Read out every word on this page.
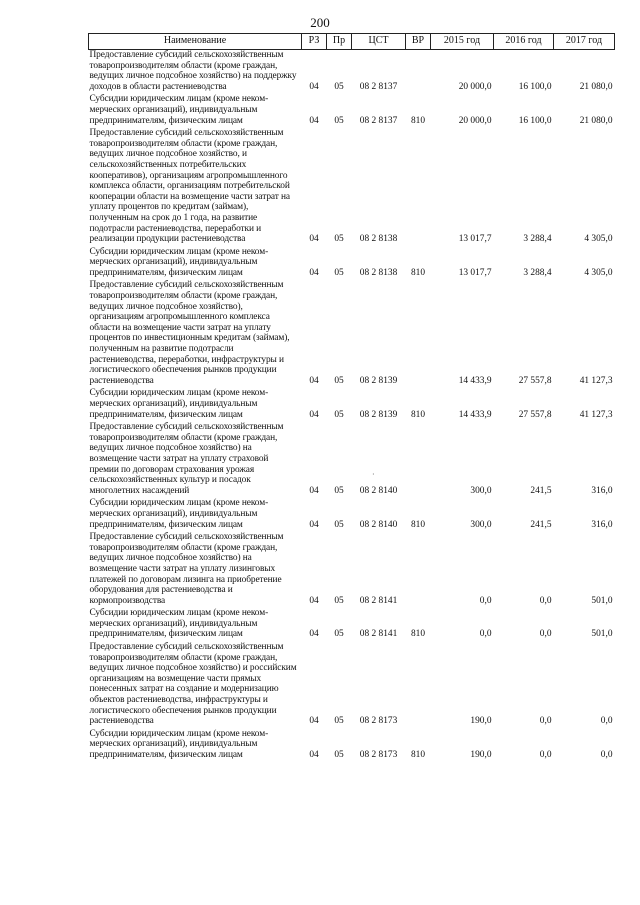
200
Наименование	РЗ	Пр	ЦСТ	ВР	2015 год	2016 год	2017 год
Предоставление субсидий сельскохозяйственным товаропроизводителям области (кроме граждан, ведущих личное подсобное хозяйство) на поддержку доходов в области растениеводства	04	05	08 2 8137		20 000,0	16 100,0	21 080,0
Субсидии юридическим лицам (кроме некоммерческих организаций), индивидуальным предпринимателям, физическим лицам	04	05	08 2 8137	810	20 000,0	16 100,0	21 080,0
Предоставление субсидий сельскохозяйственным товаропроизводителям области (кроме граждан, ведущих личное подсобное хозяйство, и сельскохозяйственных потребительских кооперативов), организациям агропромышленного комплекса области, организациям потребительской кооперации области на возмещение части затрат на уплату процентов по кредитам (займам), полученным на срок до 1 года, на развитие подотрасли растениеводства, переработки и реализации продукции растениеводства	04	05	08 2 8138		13 017,7	3 288,4	4 305,0
Субсидии юридическим лицам (кроме некоммерческих организаций), индивидуальным предпринимателям, физическим лицам	04	05	08 2 8138	810	13 017,7	3 288,4	4 305,0
Предоставление субсидий сельскохозяйственным товаропроизводителям области (кроме граждан, ведущих личное подсобное хозяйство), организациям агропромышленного комплекса области на возмещение части затрат на уплату процентов по инвестиционным кредитам (займам), полученным на развитие подотрасли растениеводства, переработки, инфраструктуры и логистического обеспечения рынков продукции растениеводства	04	05	08 2 8139		14 433,9	27 557,8	41 127,3
Субсидии юридическим лицам (кроме некоммерческих организаций), индивидуальным предпринимателям, физическим лицам	04	05	08 2 8139	810	14 433,9	27 557,8	41 127,3
Предоставление субсидий сельскохозяйственным товаропроизводителям области (кроме граждан, ведущих личное подсобное хозяйство) на возмещение части затрат на уплату страховой премии по договорам страхования урожая сельскохозяйственных культур и посадок многолетних насаждений	04	05	08 2 8140		300,0	241,5	316,0
Субсидии юридическим лицам (кроме некоммерческих организаций), индивидуальным предпринимателям, физическим лицам	04	05	08 2 8140	810	300,0	241,5	316,0
Предоставление субсидий сельскохозяйственным товаропроизводителям области (кроме граждан, ведущих личное подсобное хозяйство) на возмещение части затрат на уплату лизинговых платежей по договорам лизинга на приобретение оборудования для растениеводства и кормопроизводства	04	05	08 2 8141		0,0	0,0	501,0
Субсидии юридическим лицам (кроме некоммерческих организаций), индивидуальным предпринимателям, физическим лицам	04	05	08 2 8141	810	0,0	0,0	501,0
Предоставление субсидий сельскохозяйственным товаропроизводителям области (кроме граждан, ведущих личное подсобное хозяйство) и российским организациям на возмещение части прямых понесенных затрат на создание и модернизацию объектов растениеводства, инфраструктуры и логистического обеспечения рынков продукции растениеводства	04	05	08 2 8173		190,0	0,0	0,0
Субсидии юридическим лицам (кроме некоммерческих организаций), индивидуальным предпринимателям, физическим лицам	04	05	08 2 8173	810	190,0	0,0	0,0
·
